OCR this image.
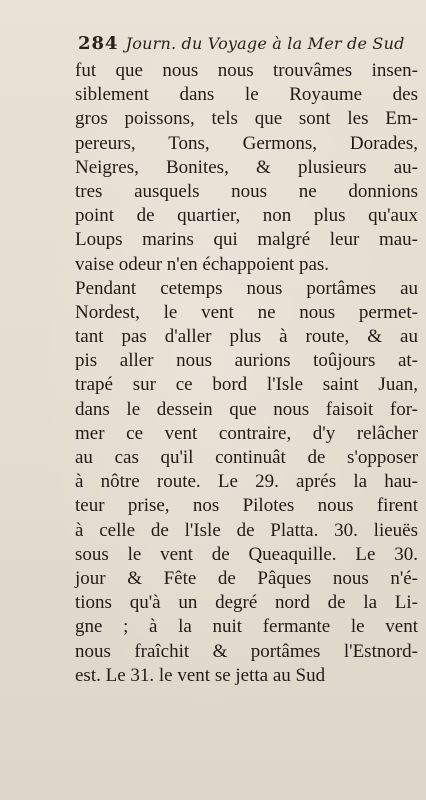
284 Journ. du Voyage à la Mer de Sud
fut que nous nous trouvâmes insen-
siblement dans le Royaume des
gros poissons, tels que sont les Em-
pereurs, Tons, Germons, Dorades,
Neigres, Bonites, & plusieurs au-
tres ausquels nous ne donnions
point de quartier, non plus qu'aux
Loups marins qui malgré leur mau-
vaise odeur n'en échappoient pas.
Pendant cetemps nous portâmes au
Nordest, le vent ne nous permet-
tant pas d'aller plus à route, & au
pis aller nous aurions toûjours at-
trapé sur ce bord l'Isle saint Juan,
dans le dessein que nous faisoit for-
mer ce vent contraire, d'y relâcher
au cas qu'il continuât de s'opposer
à nôtre route. Le 29. aprés la hau-
teur prise, nos Pilotes nous firent
à celle de l'Isle de Platta. 30. lieuës
sous le vent de Queaquille. Le 30.
jour & Fête de Pâques nous n'é-
tions qu'à un degré nord de la Li-
gne ; à la nuit fermante le vent
nous fraîchit & portâmes l'Estnord-
est. Le 31. le vent se jetta au Sud
